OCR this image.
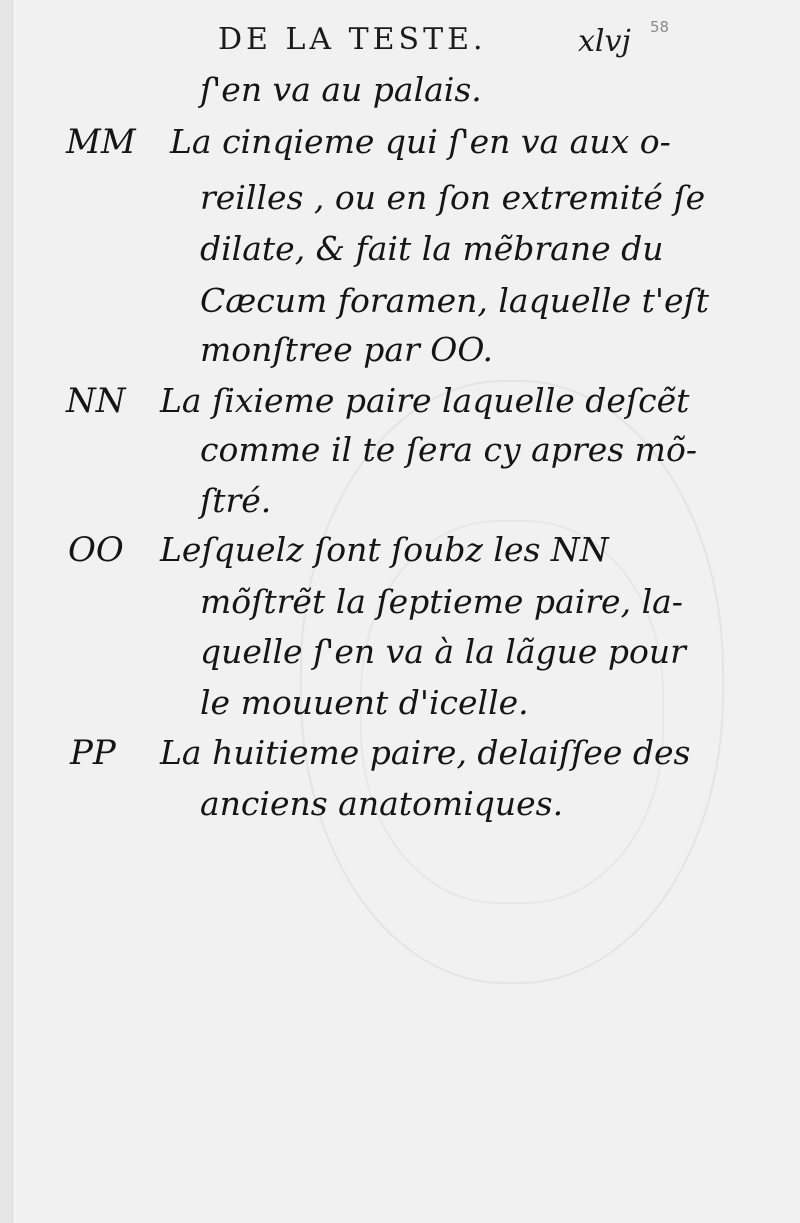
DE LA TESTE.	xlvj 58
ſ'en va au palais.
MM La cinqieme qui ſ'en va aux o-
reilles , ou en ſon extremité ſe
dilate, & fait la mẽbrane du
Cæcum foramen, laquelle t'eſt
monſtree par OO.
NN La ſixieme paire laquelle deſcẽt
comme il te ſera cy apres mõ-
ſtré.
OO Leſquelz ſont ſoubz les NN
mõſtrẽt la ſeptieme paire, la-
quelle ſ'en va à la lãgue pour
le mouuent d'icelle.
PP La huitieme paire, delaiſſee des
anciens anatomiques.
